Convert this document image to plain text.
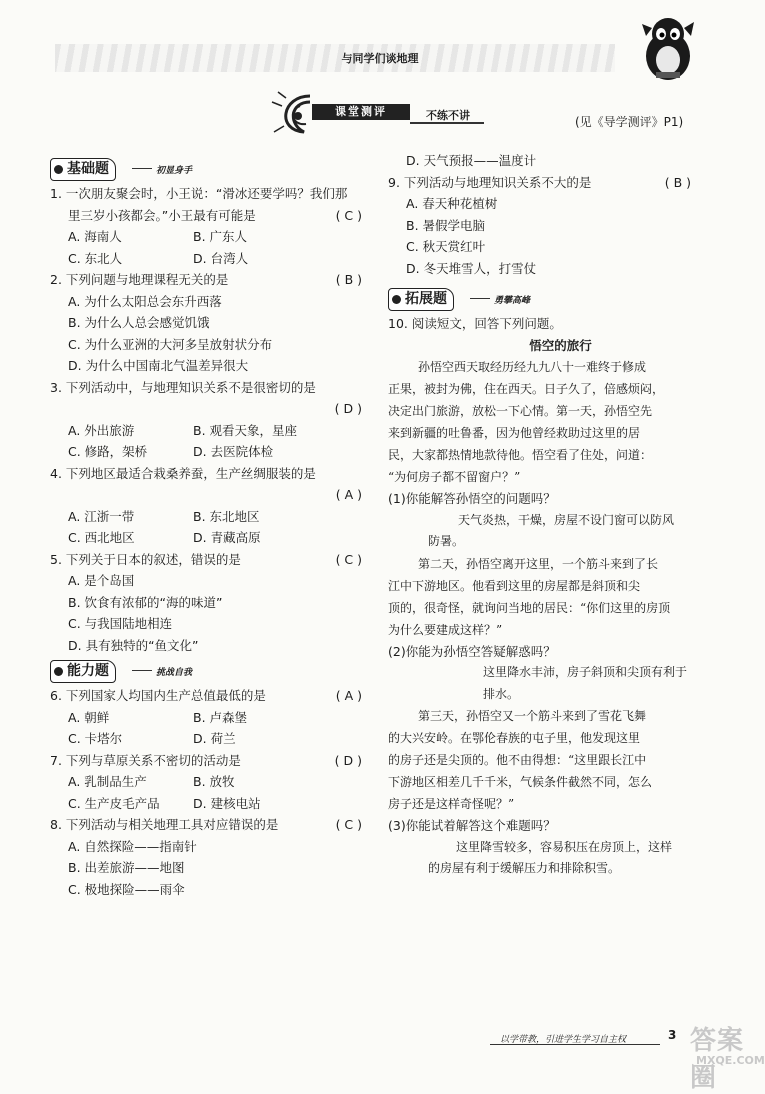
与同学们谈地理
课堂测评	不练不讲	(见《导学测评》P1)
基础题	初显身手
1. 一次朋友聚会时，小王说：“滑冰还要学吗？我们那
里三岁小孩都会。”小王最有可能是	( C )
A. 海南人	B. 广东人
C. 东北人	D. 台湾人
2. 下列问题与地理课程无关的是	( B )
A. 为什么太阳总会东升西落
B. 为什么人总会感觉饥饿
C. 为什么亚洲的大河多呈放射状分布
D. 为什么中国南北气温差异很大
3. 下列活动中，与地理知识关系不是很密切的是
( D )

A. 外出旅游	B. 观看天象，星座
C. 修路，架桥	D. 去医院体检
4. 下列地区最适合栽桑养蚕，生产丝绸服装的是
( A )

A. 江浙一带	B. 东北地区
C. 西北地区	D. 青藏高原
5. 下列关于日本的叙述，错误的是	( C )
A. 是个岛国
B. 饮食有浓郁的“海的味道”
C. 与我国陆地相连
D. 具有独特的“鱼文化”
能力题	挑战自我
6. 下列国家人均国内生产总值最低的是	( A )
A. 朝鲜	B. 卢森堡
C. 卡塔尔	D. 荷兰
7. 下列与草原关系不密切的活动是	( D )
A. 乳制品生产	B. 放牧
C. 生产皮毛产品	D. 建核电站
8. 下列活动与相关地理工具对应错误的是	( C )
A. 自然探险——指南针
B. 出差旅游——地图
C. 极地探险——雨伞
D. 天气预报——温度计
9. 下列活动与地理知识关系不大的是	( B )
A. 春天种花植树
B. 暑假学电脑
C. 秋天赏红叶
D. 冬天堆雪人，打雪仗
拓展题	勇攀高峰
10. 阅读短文，回答下列问题。
悟空的旅行
孙悟空西天取经历经九九八十一难终于修成
正果，被封为佛，住在西天。日子久了，倍感烦闷，
决定出门旅游，放松一下心情。第一天，孙悟空先
来到新疆的吐鲁番，因为他曾经救助过这里的居
民，大家都热情地款待他。悟空看了住处，问道：
“为何房子都不留窗户？”
(1)你能解答孙悟空的问题吗？
天气炎热，干燥，房屋不设门窗可以防风
防暑。
第二天，孙悟空离开这里，一个筋斗来到了长
江中下游地区。他看到这里的房屋都是斜顶和尖
顶的，很奇怪，就询问当地的居民：“你们这里的房顶
为什么要建成这样？”
(2)你能为孙悟空答疑解惑吗？
这里降水丰沛，房子斜顶和尖顶有利于
排水。
第三天，孙悟空又一个筋斗来到了雪花飞舞
的大兴安岭。在鄂伦春族的屯子里，他发现这里
的房子还是尖顶的。他不由得想：“这里跟长江中
下游地区相差几千千米，气候条件截然不同，怎么
房子还是这样奇怪呢？”
(3)你能试着解答这个难题吗？
这里降雪较多，容易积压在房顶上，这样
的房屋有利于缓解压力和排除积雪。
以学带教，引进学生学习自主权	3 答案圈
MXQE.COM
